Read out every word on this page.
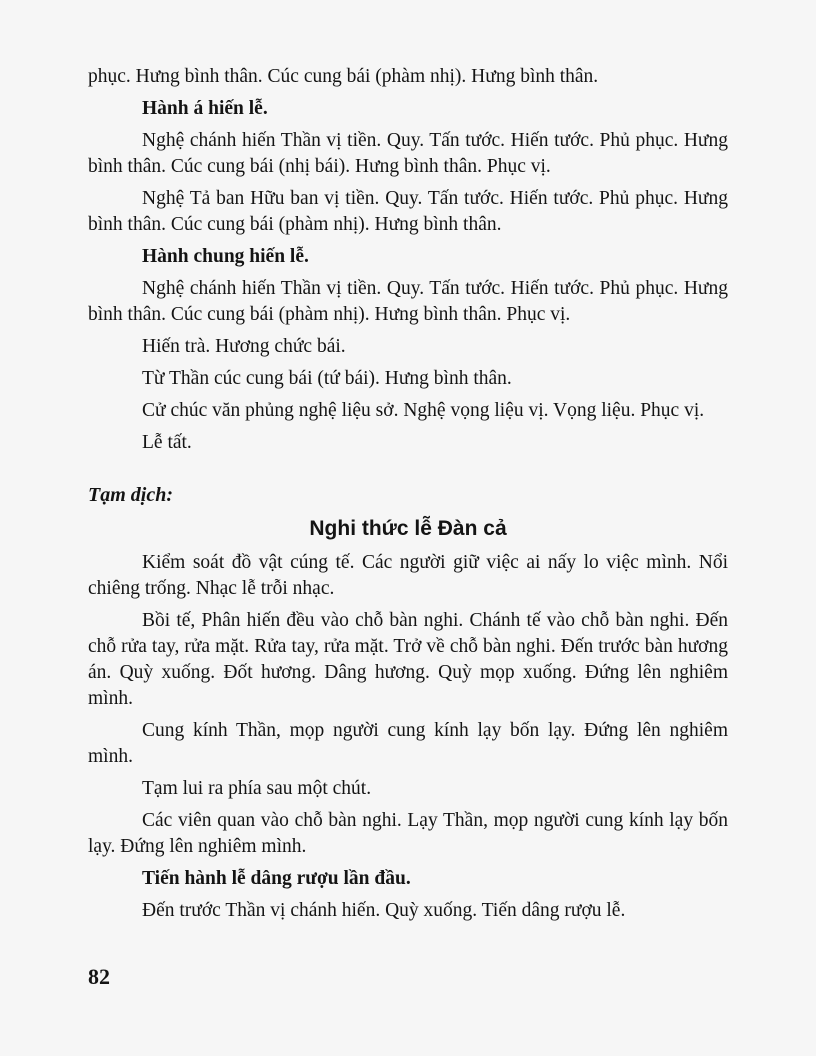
phục. Hưng bình thân. Cúc cung bái (phàm nhị). Hưng bình thân.

Hành á hiến lễ.

Nghệ chánh hiến Thần vị tiền. Quy. Tấn tước. Hiến tước. Phủ phục. Hưng bình thân. Cúc cung bái (nhị bái). Hưng bình thân. Phục vị.

Nghệ Tả ban Hữu ban vị tiền. Quy. Tấn tước. Hiến tước. Phủ phục. Hưng bình thân. Cúc cung bái (phàm nhị). Hưng bình thân.

Hành chung hiến lễ.

Nghệ chánh hiến Thần vị tiền. Quy. Tấn tước. Hiến tước. Phủ phục. Hưng bình thân. Cúc cung bái (phàm nhị). Hưng bình thân. Phục vị.

Hiến trà. Hương chức bái.

Từ Thần cúc cung bái (tứ bái). Hưng bình thân.

Cử chúc văn phủng nghệ liệu sở. Nghệ vọng liệu vị. Vọng liệu. Phục vị.

Lễ tất.

Tạm dịch:
Nghi thức lễ Đàn cả

Kiểm soát đồ vật cúng tế. Các người giữ việc ai nấy lo việc mình. Nổi chiêng trống. Nhạc lễ trỗi nhạc.

Bồi tế, Phân hiến đều vào chỗ bàn nghi. Chánh tế vào chỗ bàn nghi. Đến chỗ rửa tay, rửa mặt. Rửa tay, rửa mặt. Trở về chỗ bàn nghi. Đến trước bàn hương án. Quỳ xuống. Đốt hương. Dâng hương. Quỳ mọp xuống. Đứng lên nghiêm mình.

Cung kính Thần, mọp người cung kính lạy bốn lạy. Đứng lên nghiêm mình.

Tạm lui ra phía sau một chút.

Các viên quan vào chỗ bàn nghi. Lạy Thần, mọp người cung kính lạy bốn lạy. Đứng lên nghiêm mình.

Tiến hành lễ dâng rượu lần đầu.

Đến trước Thần vị chánh hiến. Quỳ xuống. Tiến dâng rượu lễ.

82
